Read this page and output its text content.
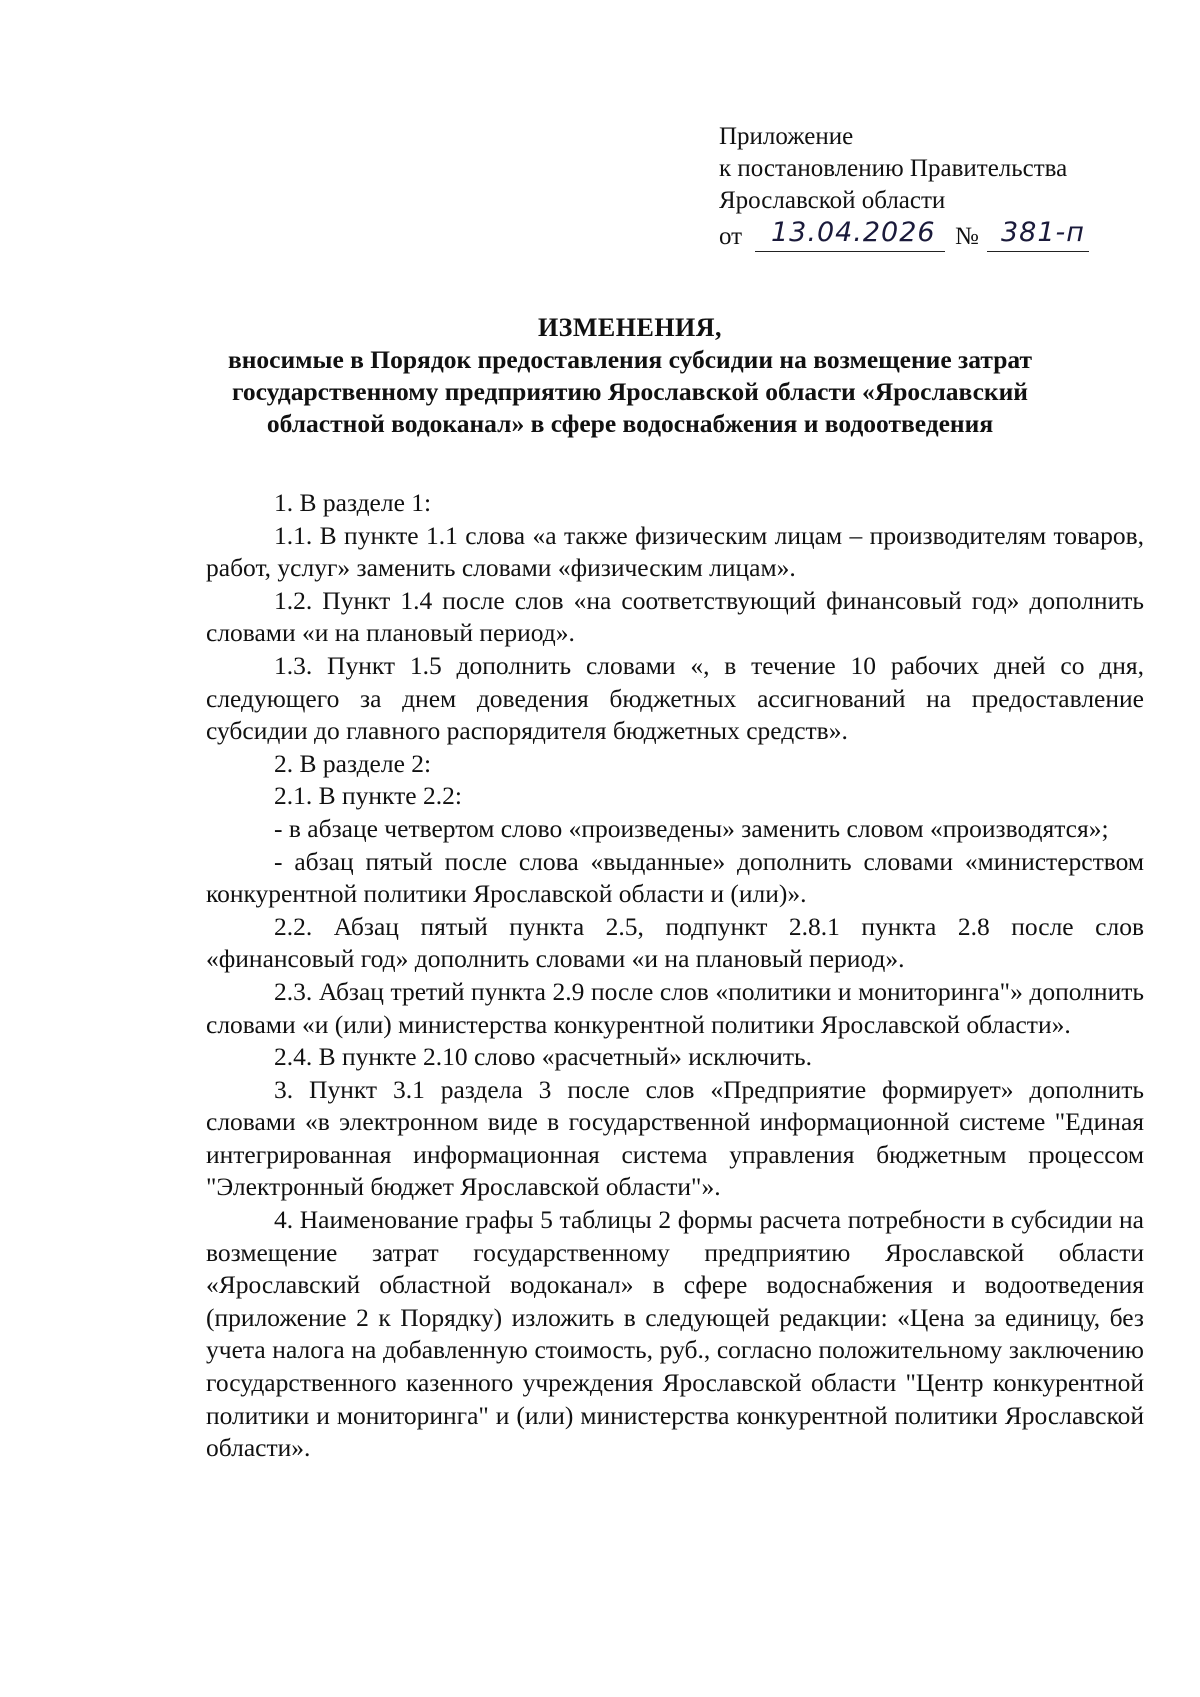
Приложение
к постановлению Правительства
Ярославской области
от 13.04.2026 № 381-п
ИЗМЕНЕНИЯ,
вносимые в Порядок предоставления субсидии на возмещение затрат
государственному предприятию Ярославской области «Ярославский
областной водоканал» в сфере водоснабжения и водоотведения

1. В разделе 1:

1.1. В пункте 1.1 слова «а также физическим лицам – производителям товаров, работ, услуг» заменить словами «физическим лицам».

1.2. Пункт 1.4 после слов «на соответствующий финансовый год» дополнить словами «и на плановый период».

1.3. Пункт 1.5 дополнить словами «, в течение 10 рабочих дней со дня, следующего за днем доведения бюджетных ассигнований на предоставление субсидии до главного распорядителя бюджетных средств».

2. В разделе 2:

2.1. В пункте 2.2:

- в абзаце четвертом слово «произведены» заменить словом «производятся»;

- абзац пятый после слова «выданные» дополнить словами «министерством конкурентной политики Ярославской области и (или)».

2.2. Абзац пятый пункта 2.5, подпункт 2.8.1 пункта 2.8 после слов «финансовый год» дополнить словами «и на плановый период».

2.3. Абзац третий пункта 2.9 после слов «политики и мониторинга"» дополнить словами «и (или) министерства конкурентной политики Ярославской области».

2.4. В пункте 2.10 слово «расчетный» исключить.

3. Пункт 3.1 раздела 3 после слов «Предприятие формирует» дополнить словами «в электронном виде в государственной информационной системе "Единая интегрированная информационная система управления бюджетным процессом "Электронный бюджет Ярославской области"».

4. Наименование графы 5 таблицы 2 формы расчета потребности в субсидии на возмещение затрат государственному предприятию Ярославской области «Ярославский областной водоканал» в сфере водоснабжения и водоотведения (приложение 2 к Порядку) изложить в следующей редакции: «Цена за единицу, без учета налога на добавленную стоимость, руб., согласно положительному заключению государственного казенного учреждения Ярославской области "Центр конкурентной политики и мониторинга" и (или) министерства конкурентной политики Ярославской области».
